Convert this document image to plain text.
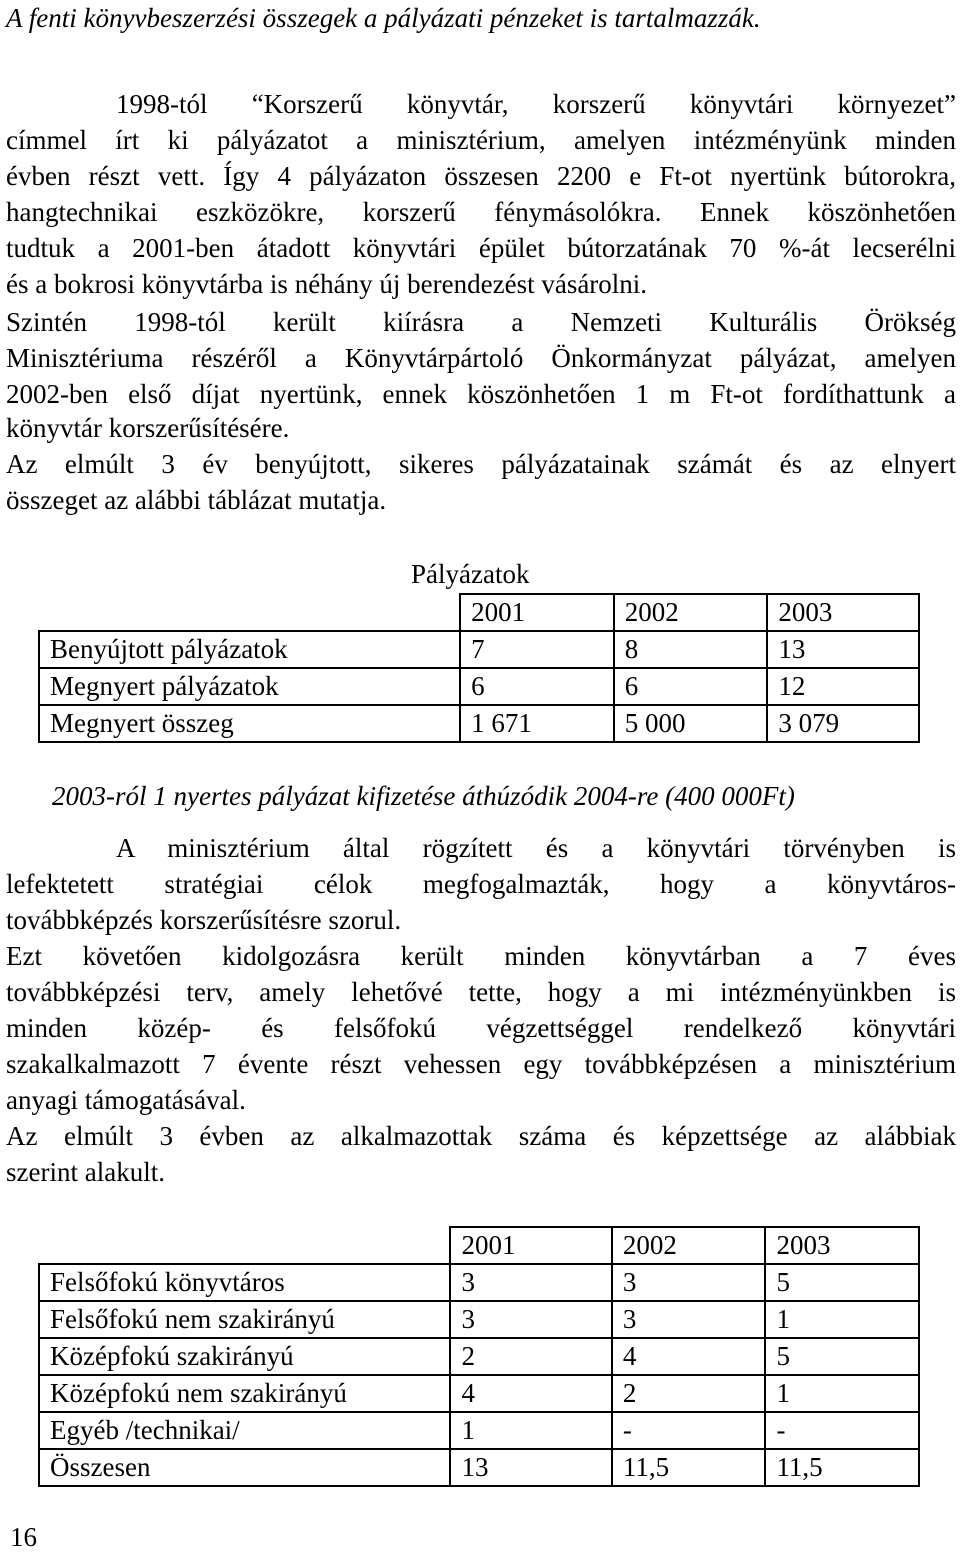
A fenti könyvbeszerzési összegek a pályázati pénzeket is tartalmazzák.
1998-tól “Korszerű könyvtár, korszerű könyvtári környezet”
címmel írt ki pályázatot a minisztérium, amelyen intézményünk minden
évben részt vett. Így 4 pályázaton összesen 2200 e Ft-ot nyertünk bútorokra,
hangtechnikai eszközökre, korszerű fénymásolókra. Ennek köszönhetően
tudtuk a 2001-ben átadott könyvtári épület bútorzatának 70 %-át lecserélni
és a bokrosi könyvtárba is néhány új berendezést vásárolni.
Szintén 1998-tól került kiírásra a Nemzeti Kulturális Örökség
Minisztériuma részéről a Könyvtárpártoló Önkormányzat pályázat, amelyen
2002-ben első díjat nyertünk, ennek köszönhetően 1 m Ft-ot fordíthattunk a
könyvtár korszerűsítésére.
Az elmúlt 3 év benyújtott, sikeres pályázatainak számát és az elnyert
összeget az alábbi táblázat mutatja.
Pályázatok
	2001	2002	2003
Benyújtott pályázatok	7	8	13
Megnyert pályázatok	6	6	12
Megnyert összeg	1 671	5 000	3 079
2003-ról 1 nyertes pályázat kifizetése áthúzódik 2004-re (400 000Ft)
A minisztérium által rögzített és a könyvtári törvényben is
lefektetett stratégiai célok megfogalmazták, hogy a könyvtáros-
továbbképzés korszerűsítésre szorul.
Ezt követően kidolgozásra került minden könyvtárban a 7 éves
továbbképzési terv, amely lehetővé tette, hogy a mi intézményünkben is
minden közép- és felsőfokú végzettséggel rendelkező könyvtári
szakalkalmazott 7 évente részt vehessen egy továbbképzésen a minisztérium
anyagi támogatásával.
Az elmúlt 3 évben az alkalmazottak száma és képzettsége az alábbiak
szerint alakult.
	2001	2002	2003
Felsőfokú könyvtáros	3	3	5
Felsőfokú nem szakirányú	3	3	1
Középfokú szakirányú	2	4	5
Középfokú nem szakirányú	4	2	1
Egyéb /technikai/	1	-	-
Összesen	13	11,5	11,5
16
